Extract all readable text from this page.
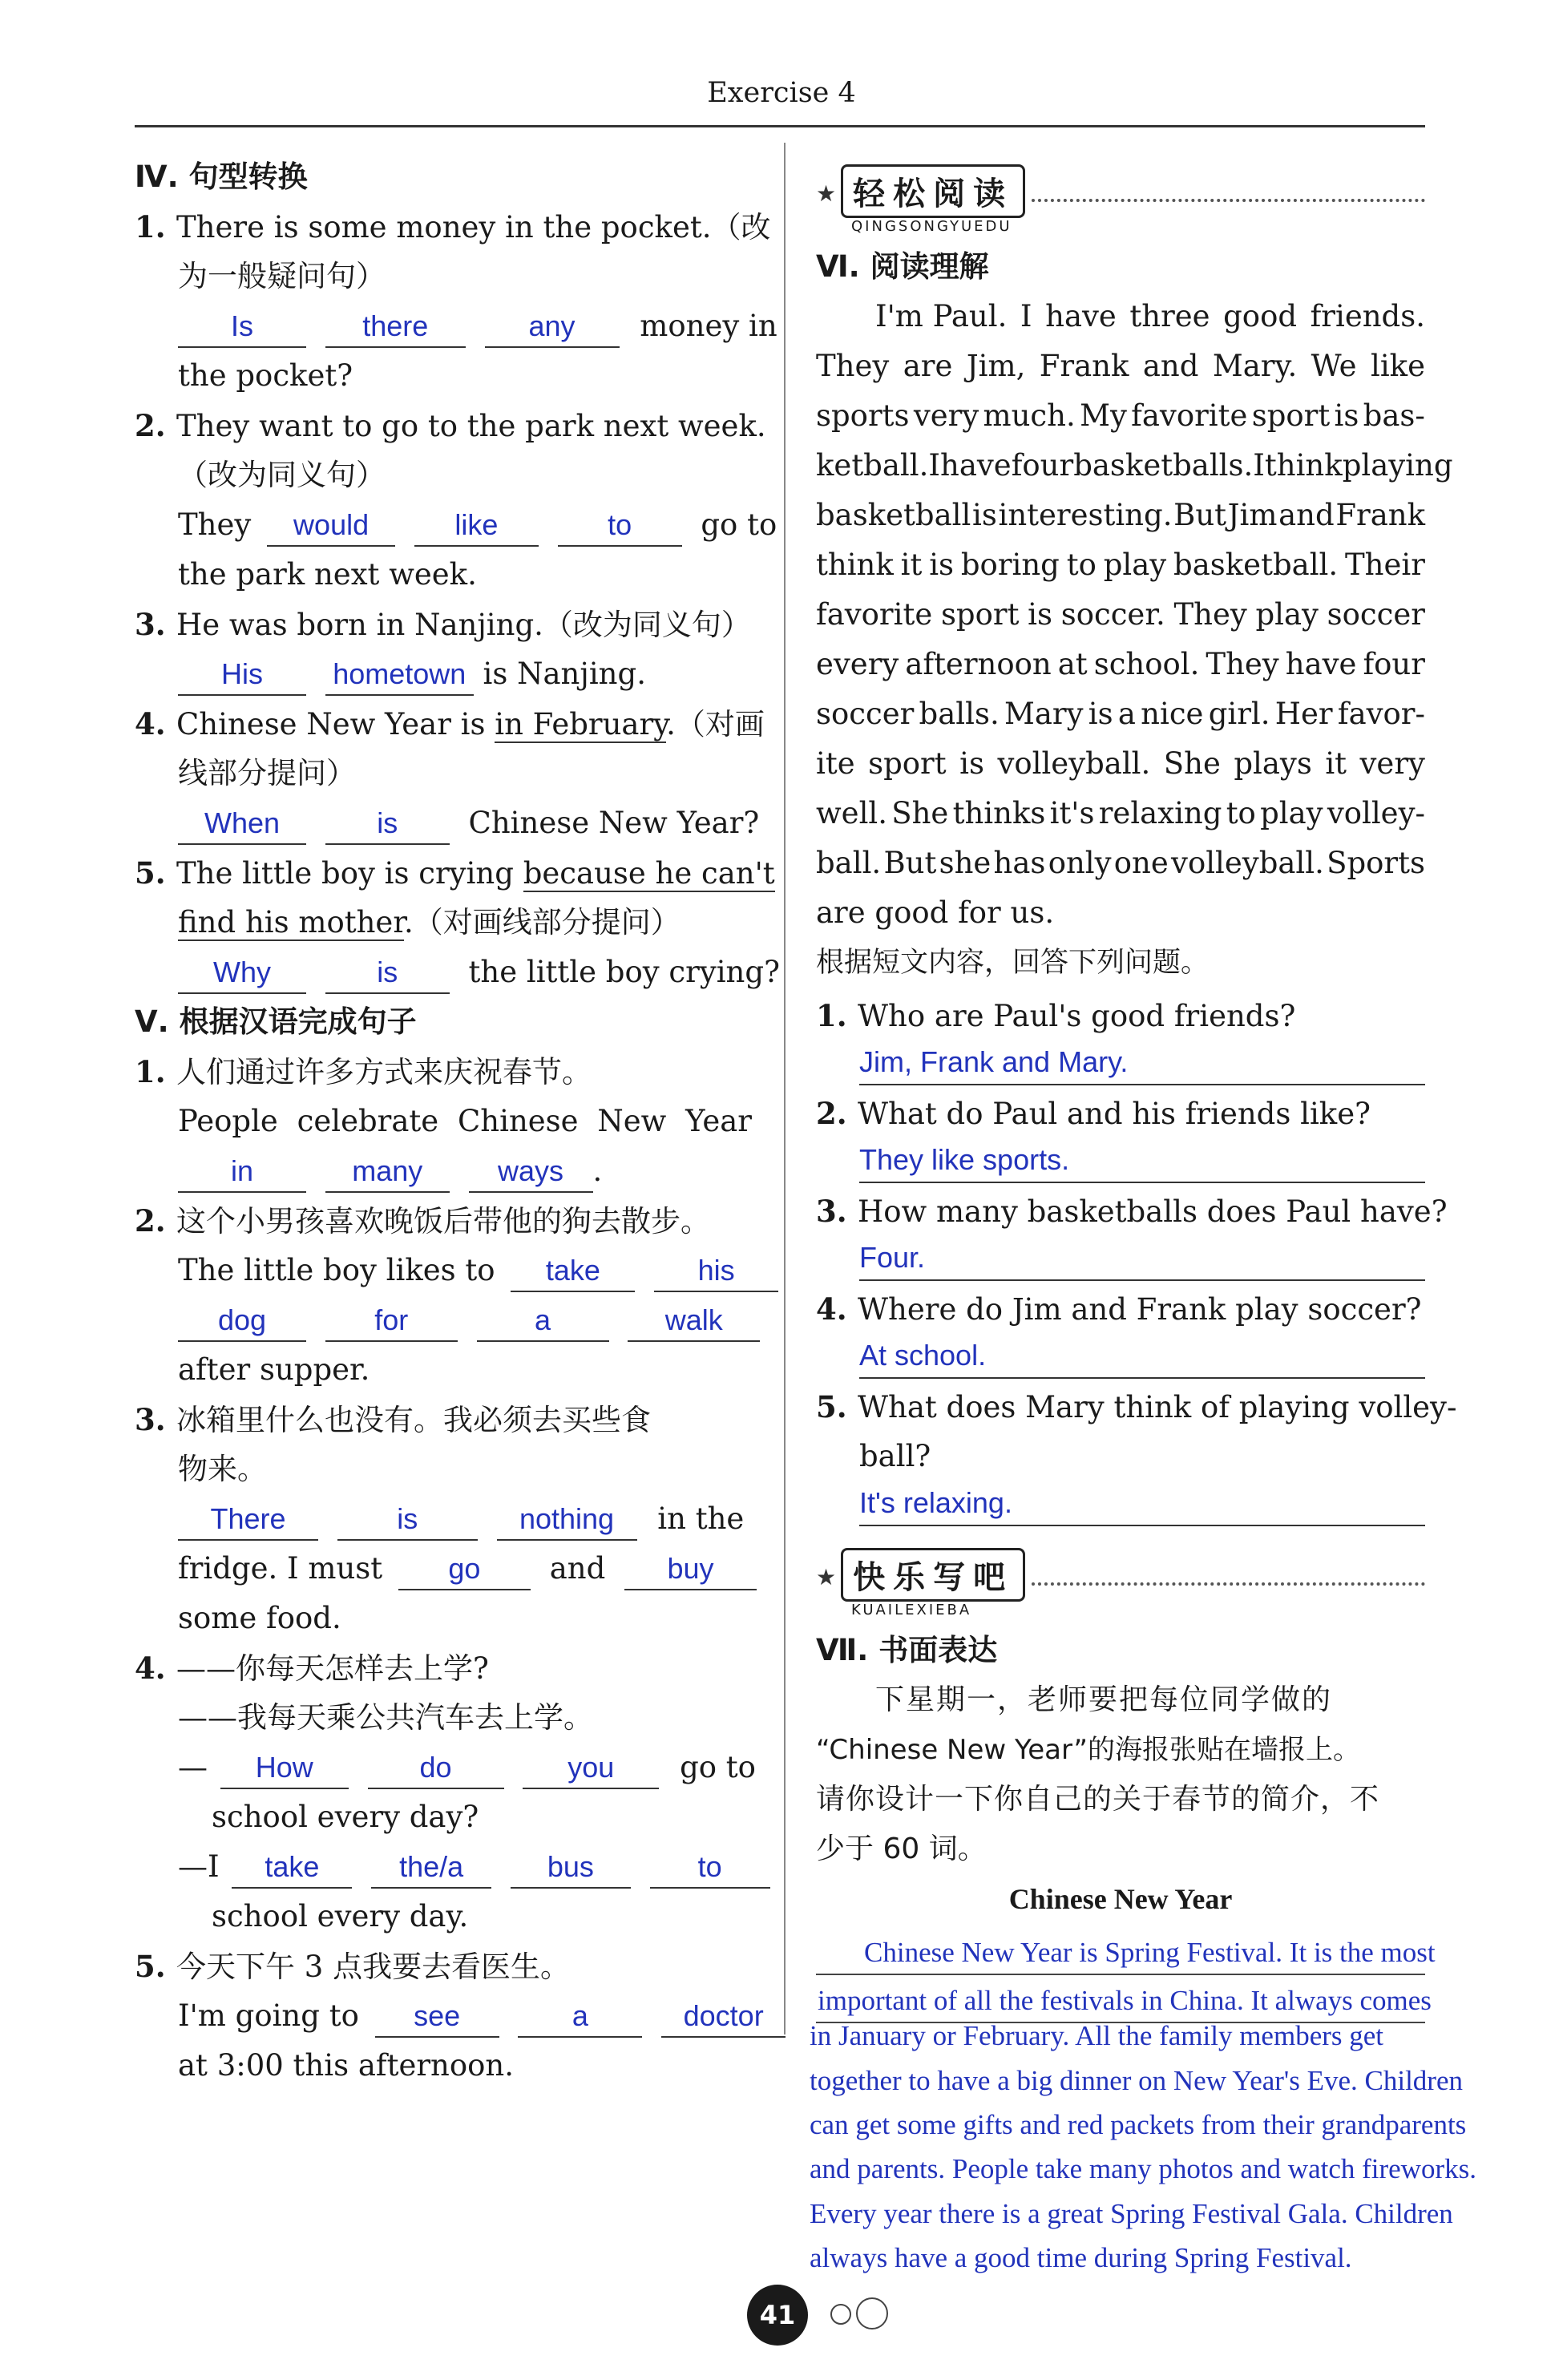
Exercise 4
Ⅳ. 句型转换
1. There is some money in the pocket.（改
为一般疑问句）
Is	there	any money in
the pocket?
2. They want to go to the park next week.
（改为同义句）
They would	like	to go to
the park next week.
3. He was born in Nanjing.（改为同义句）
His hometown is Nanjing.
4. Chinese New Year is in February.（对画
线部分提问）
When	is Chinese New Year?
5. The little boy is crying because he can't
find his mother.（对画线部分提问）
Why	is the little boy crying?
Ⅴ. 根据汉语完成句子
1. 人们通过许多方式来庆祝春节。
People celebrate Chinese New Year
in	many	ways .
2. 这个小男孩喜欢晚饭后带他的狗去散步。
The little boy likes to take	his
dog	for	a	walk
after supper.
3. 冰箱里什么也没有。我必须去买些食
物来。
There	is	nothing in the
fridge. I must go and buy
some food.
4. ——你每天怎样去上学?
——我每天乘公共汽车去上学。
— How	do	you go to
school every day?
—I take	the/a	bus	to
school every day.
5. 今天下午 3 点我要去看医生。
I'm going to see	a	doctor
at 3:00 this afternoon.
★ 轻松阅读
QINGSONGYUEDU
Ⅵ. 阅读理解
I'm Paul. I have three good friends.
They are Jim, Frank and Mary. We like
sports very much. My favorite sport is bas-
ketball. I have four basketballs. I think playing
basketball is interesting. But Jim and Frank
think it is boring to play basketball. Their
favorite sport is soccer. They play soccer
every afternoon at school. They have four
soccer balls. Mary is a nice girl. Her favor-
ite sport is volleyball. She plays it very
well. She thinks it's relaxing to play volley-
ball. But she has only one volleyball. Sports
are good for us.
根据短文内容，回答下列问题。
1. Who are Paul's good friends?
Jim, Frank and Mary.
2. What do Paul and his friends like?
They like sports.
3. How many basketballs does Paul have?
Four.
4. Where do Jim and Frank play soccer?
At school.
5. What does Mary think of playing volley-
ball?
It's relaxing.
★ 快乐写吧
KUAILEXIEBA
Ⅶ. 书面表达
下星期一，老师要把每位同学做的
“Chinese New Year”的海报张贴在墙报上。
请你设计一下你自己的关于春节的简介，不
少于 60 词。
Chinese New Year
Chinese New Year is Spring Festival. It is the most
important of all the festivals in China. It always comes
in January or February. All the family members get
together to have a big dinner on New Year's Eve. Children
can get some gifts and red packets from their grandparents
and parents. People take many photos and watch fireworks.
Every year there is a great Spring Festival Gala. Children
always have a good time during Spring Festival.
41
